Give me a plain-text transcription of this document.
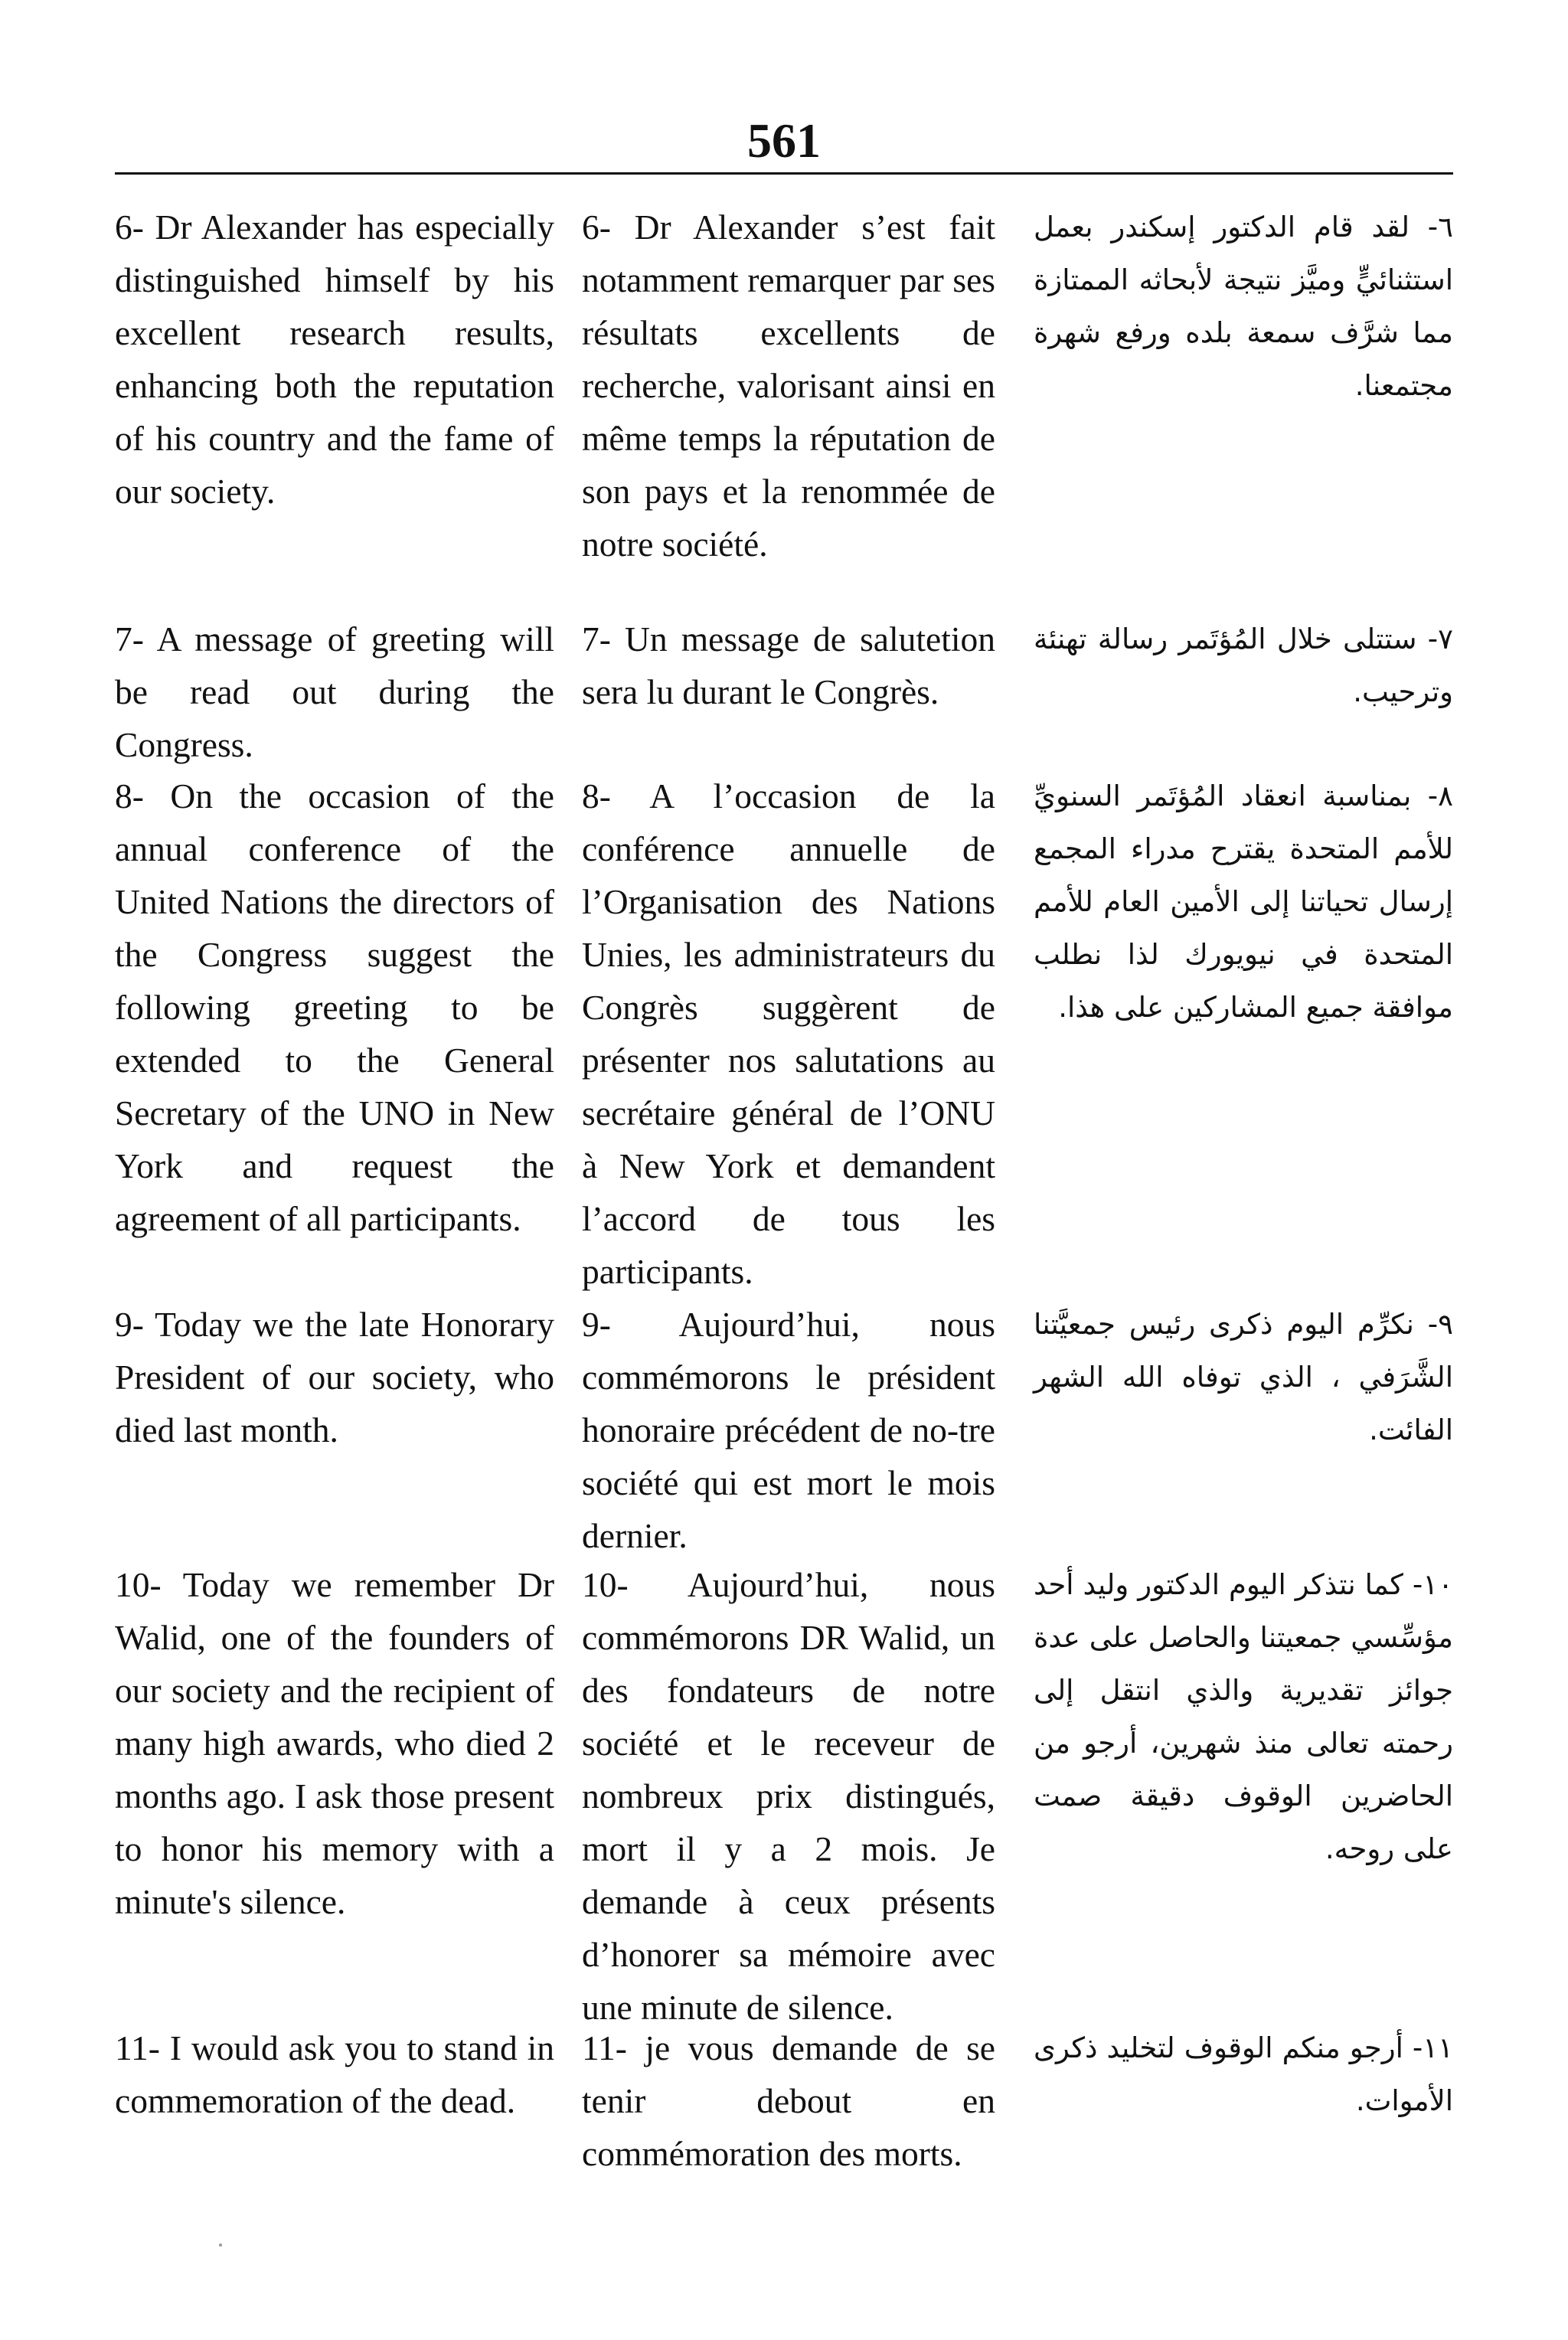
561
6- Dr Alexander has especially distinguished himself by his excellent research results, enhancing both the reputation of his country and the fame of our society.
6- Dr Alexander s’est fait notamment remarquer par ses résultats excellents de recherche, valorisant ainsi en même temps la réputation de son pays et la renommée de notre société.
٦- لقد قام الدكتور إسكندر بعمل استثنائيٍّ وميَّز نتيجة لأبحاثه الممتازة مما شرَّف سمعة بلده ورفع شهرة مجتمعنا.
7- A message of greeting will be read out during the Congress.
7- Un message de salutetion sera lu durant le Congrès.
٧- ستتلى خلال المُؤتَمر رسالة تهنئة وترحيب.
8- On the occasion of the annual conference of the United Nations the directors of the Congress suggest the following greeting to be extended to the General Secretary of the UNO in New York and request the agreement of all participants.
8- A l’occasion de la conférence annuelle de l’Organisation des Nations Unies, les administrateurs du Congrès suggèrent de présenter nos salutations au secrétaire général de l’ONU à New York et demandent l’accord de tous les participants.
٨- بمناسبة انعقاد المُؤتَمر السنويِّ للأمم المتحدة يقترح مدراء المجمع إرسال تحياتنا إلى الأمين العام للأمم المتحدة في نيويورك لذا نطلب موافقة جميع المشاركين على هذا.
9- Today we the late Honorary President of our society, who died last month.
9- Aujourd’hui, nous commémorons le président honoraire précédent de no-tre société qui est mort le mois dernier.
٩- نكرِّم اليوم ذكرى رئيس جمعيَّتنا الشَّرَفي ، الذي توفاه الله الشهر الفائت.
10- Today we remember Dr Walid, one of the founders of our society and the recipient of many high awards, who died 2 months ago. I ask those present to honor his memory with a minute's silence.
10- Aujourd’hui, nous commémorons DR Walid, un des fondateurs de notre société et le receveur de nombreux prix distingués, mort il y a 2 mois. Je demande à ceux présents d’honorer sa mémoire avec une minute de silence.
١٠- كما نتذكر اليوم الدكتور وليد أحد مؤسِّسي جمعيتنا والحاصل على عدة جوائز تقديرية والذي انتقل إلى رحمته تعالى منذ شهرين، أرجو من الحاضرين الوقوف دقيقة صمت على روحه.
11- I would ask you to stand in commemoration of the dead.
11- je vous demande de se tenir debout en commémoration des morts.
١١- أرجو منكم الوقوف لتخليد ذكرى الأموات.
